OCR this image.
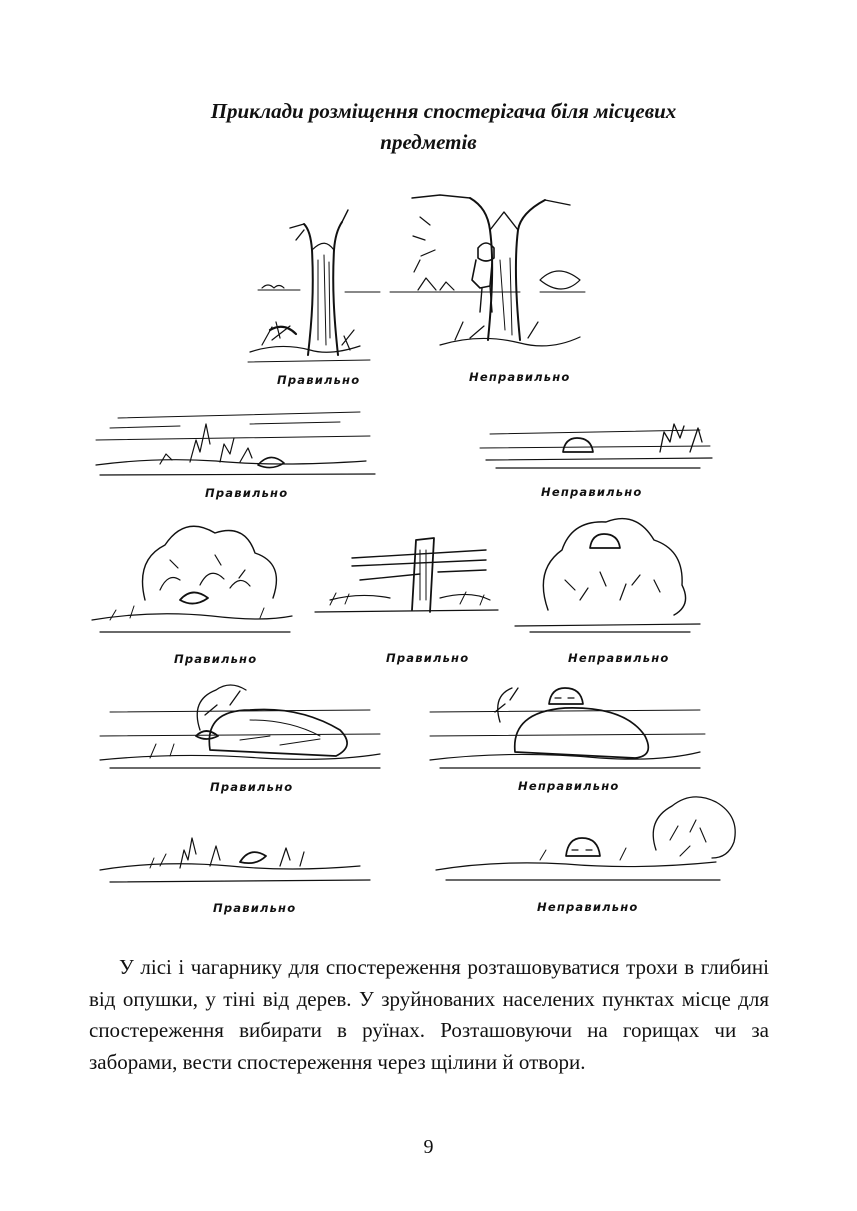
Приклади розміщення спостерігача біля місцевих
предметів
Правильно	Неправильно
Правильно	Неправильно
Правильно	Правильно	Неправильно
Правильно	Неправильно
Правильно	Неправильно

У лісі і чагарнику для спостереження розташовуватися трохи в глибині від опушки, у тіні від дерев. У зруйнованих населених пунктах місце для спостереження вибирати в руїнах. Розташовуючи на горищах чи за заборами, вести спостереження через щілини й отвори.

9
